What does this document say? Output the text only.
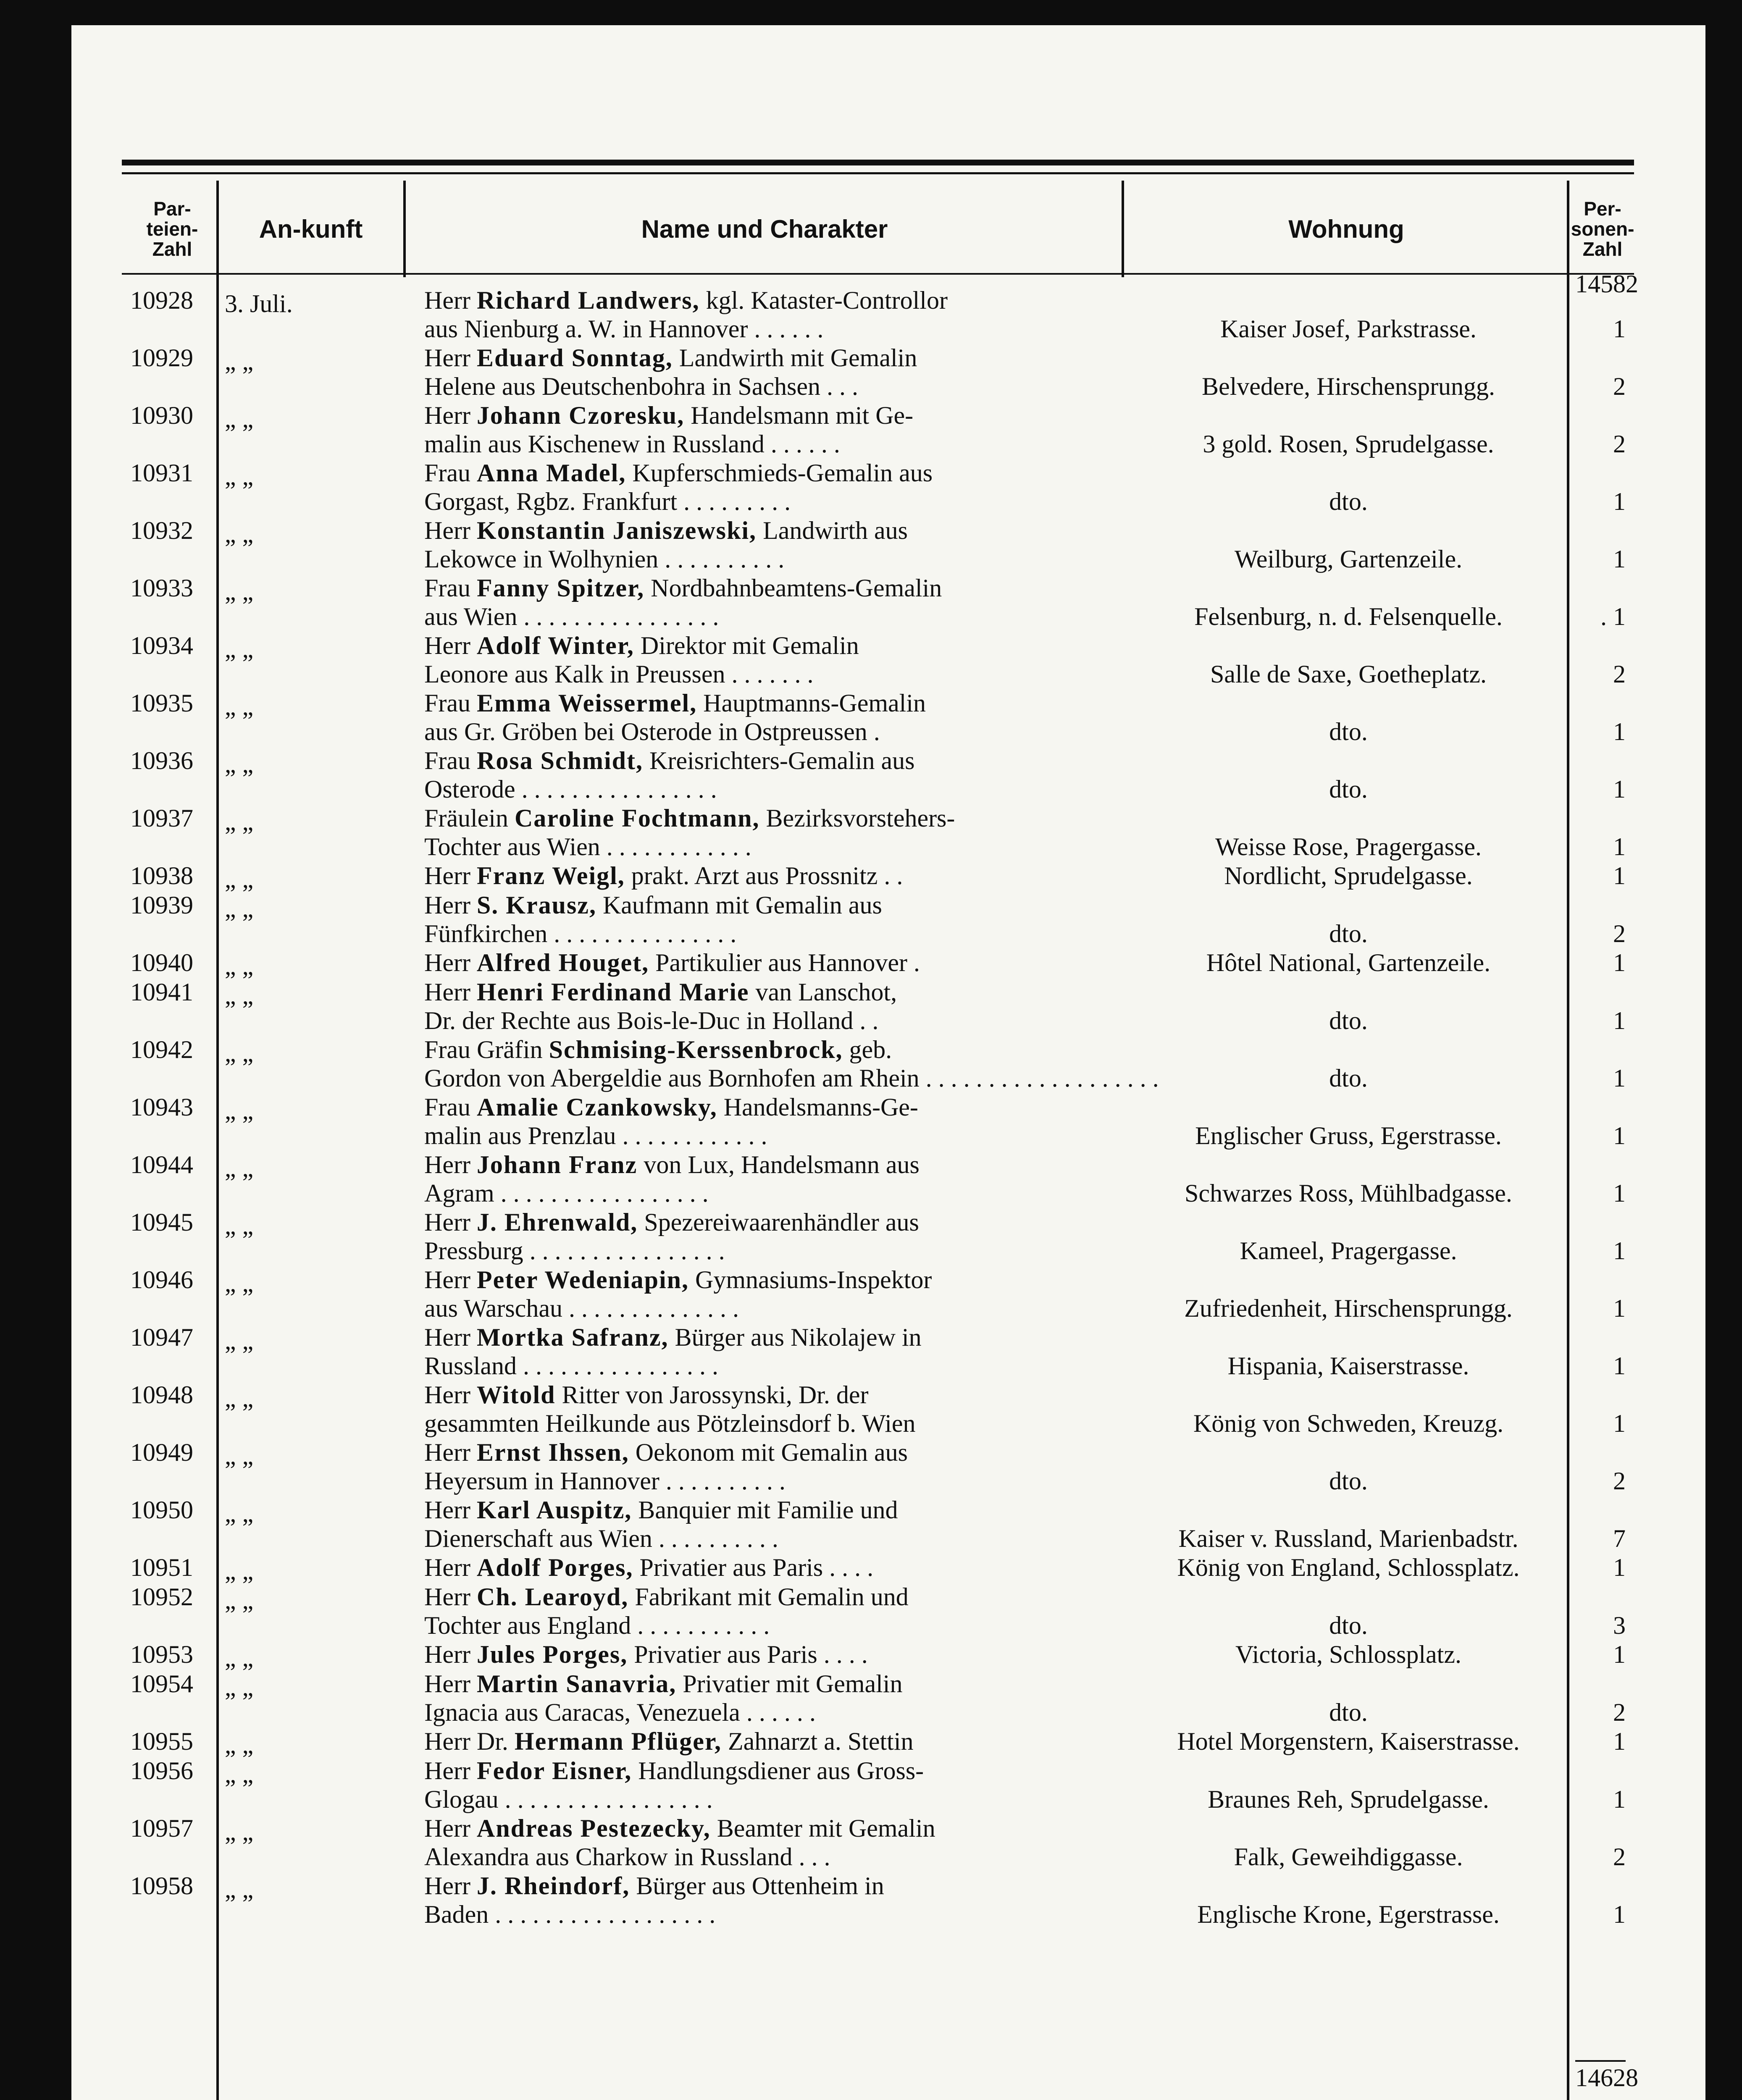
Par-teien-Zahl
An-kunft	Name und Charakter	Wohnung
Per-sonen-Zahl
14582
10928 3. Juli.	Herr Richard Landwers, kgl. Kataster-Controllor
aus Nienburg a. W. in Hannover . . . . . .	Kaiser Josef, Parkstrasse.	1
10929 „ „	Herr Eduard Sonntag, Landwirth mit Gemalin
Helene aus Deutschenbohra in Sachsen . . .	Belvedere, Hirschensprungg.	2
10930 „ „	Herr Johann Czoresku, Handelsmann mit Ge-
malin aus Kischenew in Russland . . . . . .	3 gold. Rosen, Sprudelgasse.	2
10931 „ „	Frau Anna Madel, Kupferschmieds-Gemalin aus
Gorgast, Rgbz. Frankfurt . . . . . . . . .	dto.	1
10932 „ „	Herr Konstantin Janiszewski, Landwirth aus
Lekowce in Wolhynien . . . . . . . . . .	Weilburg, Gartenzeile.	1
10933 „ „	Frau Fanny Spitzer, Nordbahnbeamtens-Gemalin
aus Wien . . . . . . . . . . . . . . . .	Felsenburg, n. d. Felsenquelle.	. 1
10934 „ „	Herr Adolf Winter, Direktor mit Gemalin
Leonore aus Kalk in Preussen . . . . . . .	Salle de Saxe, Goetheplatz.	2
10935 „ „	Frau Emma Weissermel, Hauptmanns-Gemalin
aus Gr. Gröben bei Osterode in Ostpreussen .	dto.	1
10936 „ „	Frau Rosa Schmidt, Kreisrichters-Gemalin aus
Osterode . . . . . . . . . . . . . . . .	dto.	1
10937 „ „	Fräulein Caroline Fochtmann, Bezirksvorstehers-
Tochter aus Wien . . . . . . . . . . . .	Weisse Rose, Pragergasse.	1
10938 „ „	Herr Franz Weigl, prakt. Arzt aus Prossnitz . .	Nordlicht, Sprudelgasse.	1
10939 „ „	Herr S. Krausz, Kaufmann mit Gemalin aus
Fünfkirchen . . . . . . . . . . . . . . .	dto.	2
10940 „ „	Herr Alfred Houget, Partikulier aus Hannover .	Hôtel National, Gartenzeile.	1
10941 „ „	Herr Henri Ferdinand Marie van Lanschot,
Dr. der Rechte aus Bois-le-Duc in Holland . .	dto.	1
10942 „ „	Frau Gräfin Schmising-Kerssenbrock, geb.
Gordon von Abergeldie aus Bornhofen am Rhein . . . . . . . . . . . . . . . . . . .	dto.	1
10943 „ „	Frau Amalie Czankowsky, Handelsmanns-Ge-
malin aus Prenzlau . . . . . . . . . . . .	Englischer Gruss, Egerstrasse.	1
10944 „ „	Herr Johann Franz von Lux, Handelsmann aus
Agram . . . . . . . . . . . . . . . . .	Schwarzes Ross, Mühlbadgasse.	1
10945 „ „	Herr J. Ehrenwald, Spezereiwaarenhändler aus
Pressburg . . . . . . . . . . . . . . . .	Kameel, Pragergasse.	1
10946 „ „	Herr Peter Wedeniapin, Gymnasiums-Inspektor
aus Warschau . . . . . . . . . . . . . .	Zufriedenheit, Hirschensprungg.	1
10947 „ „	Herr Mortka Safranz, Bürger aus Nikolajew in
Russland . . . . . . . . . . . . . . . .	Hispania, Kaiserstrasse.	1
10948 „ „	Herr Witold Ritter von Jarossynski, Dr. der
gesammten Heilkunde aus Pötzleinsdorf b. Wien	König von Schweden, Kreuzg.	1
10949 „ „	Herr Ernst Ihssen, Oekonom mit Gemalin aus
Heyersum in Hannover . . . . . . . . . .	dto.	2
10950 „ „	Herr Karl Auspitz, Banquier mit Familie und
Dienerschaft aus Wien . . . . . . . . . .	Kaiser v. Russland, Marienbadstr.	7
10951 „ „	Herr Adolf Porges, Privatier aus Paris . . . .	König von England, Schlossplatz.	1
10952 „ „	Herr Ch. Learoyd, Fabrikant mit Gemalin und
Tochter aus England . . . . . . . . . . .	dto.	3
10953 „ „	Herr Jules Porges, Privatier aus Paris . . . .	Victoria, Schlossplatz.	1
10954 „ „	Herr Martin Sanavria, Privatier mit Gemalin
Ignacia aus Caracas, Venezuela . . . . . .	dto.	2
10955 „ „	Herr Dr. Hermann Pflüger, Zahnarzt a. Stettin	Hotel Morgenstern, Kaiserstrasse.	1
10956 „ „	Herr Fedor Eisner, Handlungsdiener aus Gross-
Glogau . . . . . . . . . . . . . . . . .	Braunes Reh, Sprudelgasse.	1
10957 „ „	Herr Andreas Pestezecky, Beamter mit Gemalin
Alexandra aus Charkow in Russland . . .	Falk, Geweihdiggasse.	2
10958 „ „	Herr J. Rheindorf, Bürger aus Ottenheim in
Baden . . . . . . . . . . . . . . . . . .	Englische Krone, Egerstrasse.	1
14628
